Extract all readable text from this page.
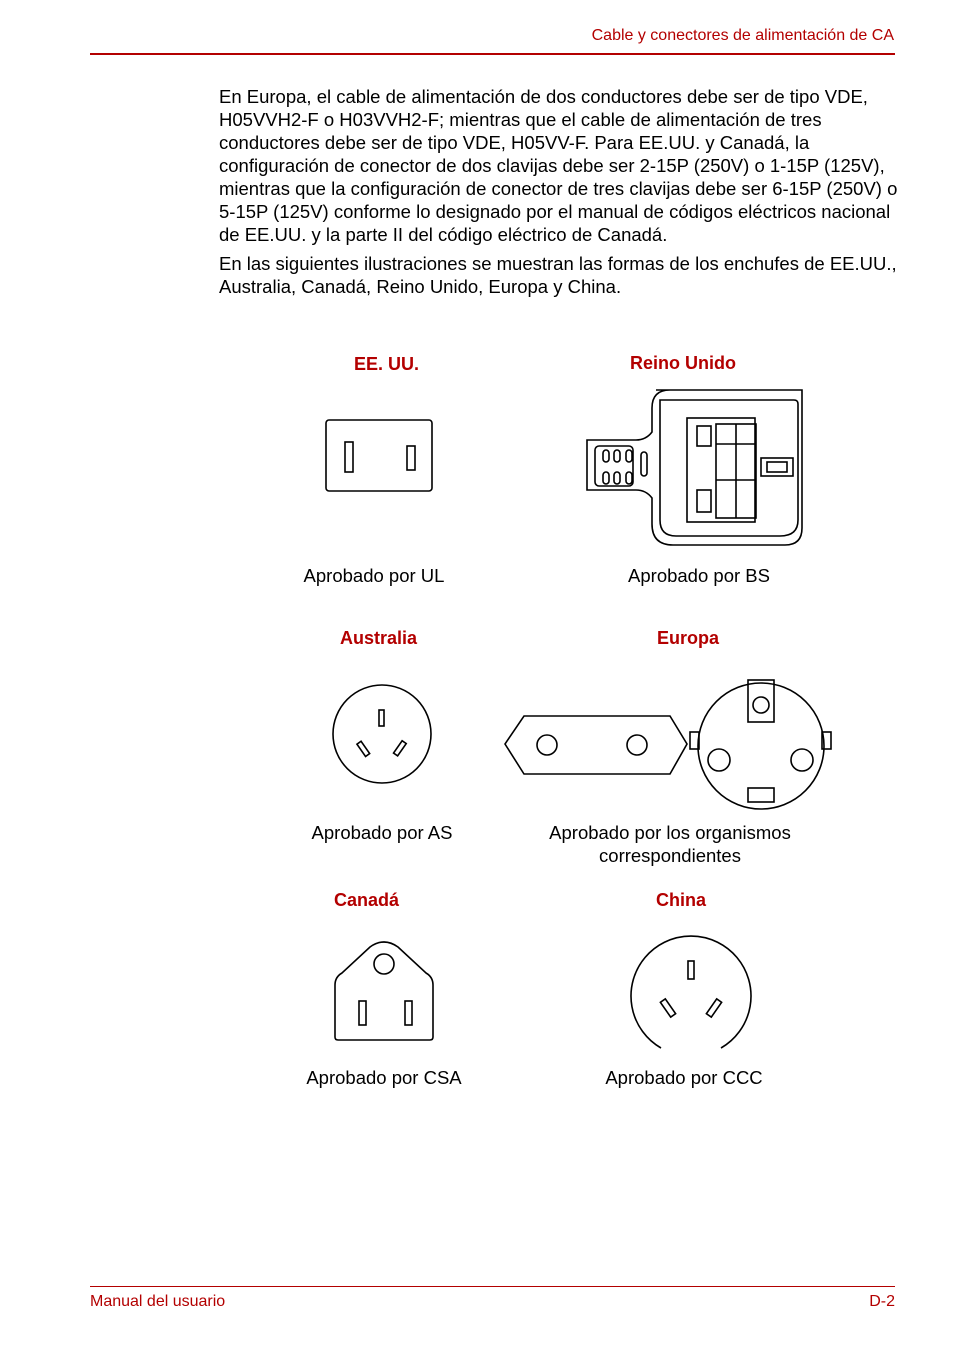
Cable y conectores de alimentación de CA

En Europa, el cable de alimentación de dos conductores debe ser de tipo VDE, H05VVH2-F o H03VVH2-F; mientras que el cable de alimentación de tres conductores debe ser de tipo VDE, H05VV-F. Para EE.UU. y Canadá, la configuración de conector de dos clavijas debe ser 2-15P (250V) o 1-15P (125V), mientras que la configuración de conector de tres clavijas debe ser 6-15P (250V) o 5-15P (125V) conforme lo designado por el manual de códigos eléctricos nacional de EE.UU. y la parte II del código eléctrico de Canadá.

En las siguientes ilustraciones se muestran las formas de los enchufes de EE.UU., Australia, Canadá, Reino Unido, Europa y China.

EE. UU.	Reino Unido
Aprobado por UL	Aprobado por BS
Australia	Europa
Aprobado por AS	Aprobado por los organismos correspondientes
Canadá	China
Aprobado por CSA	Aprobado por CCC
Manual del usuario	D-2
